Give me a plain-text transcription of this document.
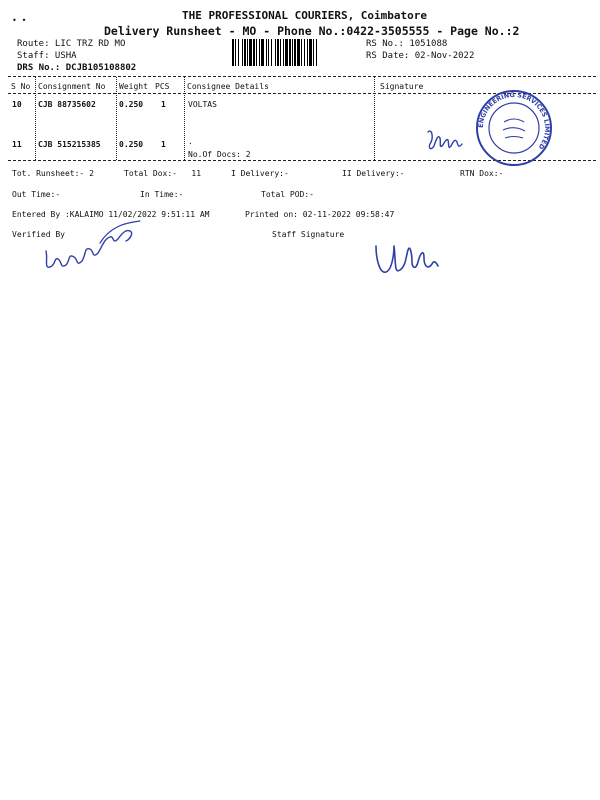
• •	THE PROFESSIONAL COURIERS, Coimbatore
Delivery Runsheet - MO - Phone No.:0422-3505555 - Page No.:2
Route: LIC TRZ RD MO
Staff: USHA
DRS No.: DCJB105108802
RS No.: 1051088
RS Date: 02-Nov-2022
S No Consignment No Weight PCS Consignee Details	Signature
10 CJB 88735602	0.250 1	VOLTAS
11 CJB 515215385 0.250 1	.
No.Of Docs: 2
Tot. Runsheet:- 2	Total Dox:-   11	I Delivery:-	II Delivery:-	RTN Dox:-
Out Time:-	In Time:-	Total POD:-
Entered By :KALAIMO 11/02/2022 9:51:11 AM	Printed on: 02-11-2022 09:58:47
Verified By	Staff Signature
ENGINEERING SERVICES LIMITED
